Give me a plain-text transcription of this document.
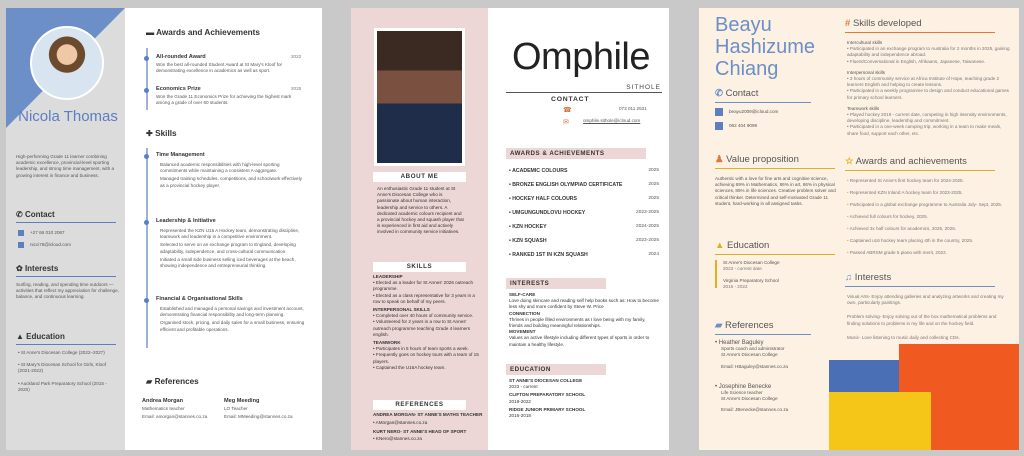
Nicola Thomas
High-performing Grade 11 learner combining academic excellence, provincial-level sporting leadership, and strong time management, with a growing interest in finance and business.
✆ Contact
+27 66 010 2067
nicci76@icloud.com
✿ Interests
Surfing, reading, and spending time outdoors — activities that reflect my appreciation for challenge, balance, and continuous learning.
▲ Education
• St Anne's Diocesan College (2022–2027)
• St Mary's Diocesan School for Girls, Kloof (2021-2022)
• Auckland Park Preparatory School (2015 - 2020)
▬ Awards and Achievements
All-rounded Award	2022
Won the best all-rounded Student Award at St Mary's Kloof for demonstrating excellence in academics as well as sport.
Economics Prize	2025
Won the Grade 11 Economics Prize for achieving the highest mark among a grade of over 60 students.
✚ Skills
Time Management
Balanced academic responsibilities with high-level sporting commitments while maintaining a consistent A-aggregate.
Managed training schedules, competitions, and schoolwork effectively as a provincial hockey player.
Leadership & Initiative
Represented the KZN U16 A Hockey team, demonstrating discipline, teamwork and leadership in a competitive environment.
Selected to serve on an exchange program to England, developing adaptability, independence, and cross-cultural communication.
Initiated a small side business selling iced beverages at the beach, showing independence and entrepreneurial thinking.
Financial & Organisational Skills
Established and managed a personal savings and investment account, demonstrating financial responsibility and long-term planning.
Organised stock, pricing, and daily sales for a small business, ensuring efficient and profitable operations.
▰ References
Andrea Morgan
Mathematics teacher
Email: amorgan@stannes.co.za
Meg Meeding
LO Teacher
Email: MMeeding@stannes.co.za
ABOUT ME
An enthusiastic Grade 11 student at St Anne's Diocesan College who is passionate about human interaction, leadership and service to others. A dedicated academic colours recipient and a provincial hockey and squash player that is experienced in first aid and actively involved in community service initiatives.
SKILLS
LEADERSHIP
• Elected as a leader for St Annes' 2026 outreach programme.
• Elected as a class representative for 3 years in a row to speak on behalf of my peers.
INTERPERSONAL SKILLS
• Completed over 40 hours of community service.
• Volunteered for 2 years in a row to St Annes' outreach programme teaching Grade 4 learners english.
TEAMWORK
• Participates in 5 hours of team sports a week.
• Frequently goes on hockey tours with a team of 15 players.
• Captained the U16A hockey team.
REFERENCES
ANDREA MORGAN- ST ANNE'S MATHS TEACHER
• AMorgan@stannes.co.za
KURT NERO- ST ANNE'S HEAD OF SPORT
• KNero@stannes.co.za
Omphile
SITHOLE
CONTACT
☎	073 011 2531
✉	omphile.sithole@icloud.com
AWARDS & ACHIEVEMENTS
• ACADEMIC COLOURS	2025
• BRONZE ENGLISH OLYMPIAD CERTIFICATE	2025
• HOCKEY HALF COLOURS	2025
• UMGUNGUNDLOVU HOCKEY	2023-2025
• KZN HOCKEY	2024-2025
• KZN SQUASH	2023-2025
• RANKED 1ST IN KZN SQUASH	2024
INTERESTS
SELF-CARE
Love doing skincare and reading self help books such as: How to become less shy and more confident by Steve W. Price
CONNECTION
Thrives in people filled environments as I love being with my family, friends and building meaningful relationships.
MOVEMENT
Values an active lifestyle including different types of sports in order to maintain a healthy lifestyle.
EDUCATION
ST ANNE'S DIOCESAN COLLEGE
2023 - current
CLIFTON PREPARATORY SCHOOL
2019-2022
RIDGE JUNIOR PRIMARY SCHOOL
2016-2018
Beayu Hashizume Chiang
✆ Contact
beayu2009@icloud.com
082 404 9099
♟ Value proposition
Authentic with a love for fine arts and cognitive science, achieving 89% in Mathematics, 86% in art, 86% in physical sciences, 85% in life sciences. Creative problem solver and critical thinker. Determined and self-motivated Grade 11 student, hard-working in all assigned tasks.
▲ Education
St Anne's Diocesan College
2023 - current date
Virginia Preparatory School
2015 - 2022
▰ References
• Heather Baguley
Sports coach and administrator
St Anne's Diocesan College
Email: HBaguley@stannes.co.za
• Josephine Benecke
Life Science teacher
St Anne's Diocesan College
Email: JBenecke@stannes.co.za
# Skills developed
Intercultural skills
• Participated in an exchange program to Australia for 2 months in 2025, gaining adaptability and independence abroad.
• Fluent/Conversational in English, Afrikaans, Japanese, Taiwanese.
Interpersonal skills
• 3 hours of community service at Africa Institute of Hope, teaching grade 2 learners English and helping to create lessons.
• Participated in a weekly programme to design and conduct educational games for primary school learners.
Teamwork skills
• Played hockey 2019 - current date, competing in high intensity environments, developing discipline, leadership and commitment.
• Participated in a one-week camping trip, working in a team to make meals, share food, support each other, etc.
☆ Awards and achievements
• Represented St Anne's first hockey team for 2024-2025.
• Represented KZN Inland A hockey team for 2023-2025.
• Participated in a global exchange programme to Australia July- Sept, 2025.
• Achieved full colours for hockey, 2025.
• Achieved 3x half colours for academics, 2025, 2026.
• Captained u16 hockey team placing 4th in the country, 2025.
• Passed ABRSM grade 5 piano with merit, 2022.
♫ Interests
Visual Arts- Enjoy attending galleries and analyzing artworks and creating my own, particularly paintings.
Problem solving- Enjoy solving out of the box mathematical problems and finding solutions to problems in my life and on the hockey field.
Music- Love listening to music daily and collecting CDs.
